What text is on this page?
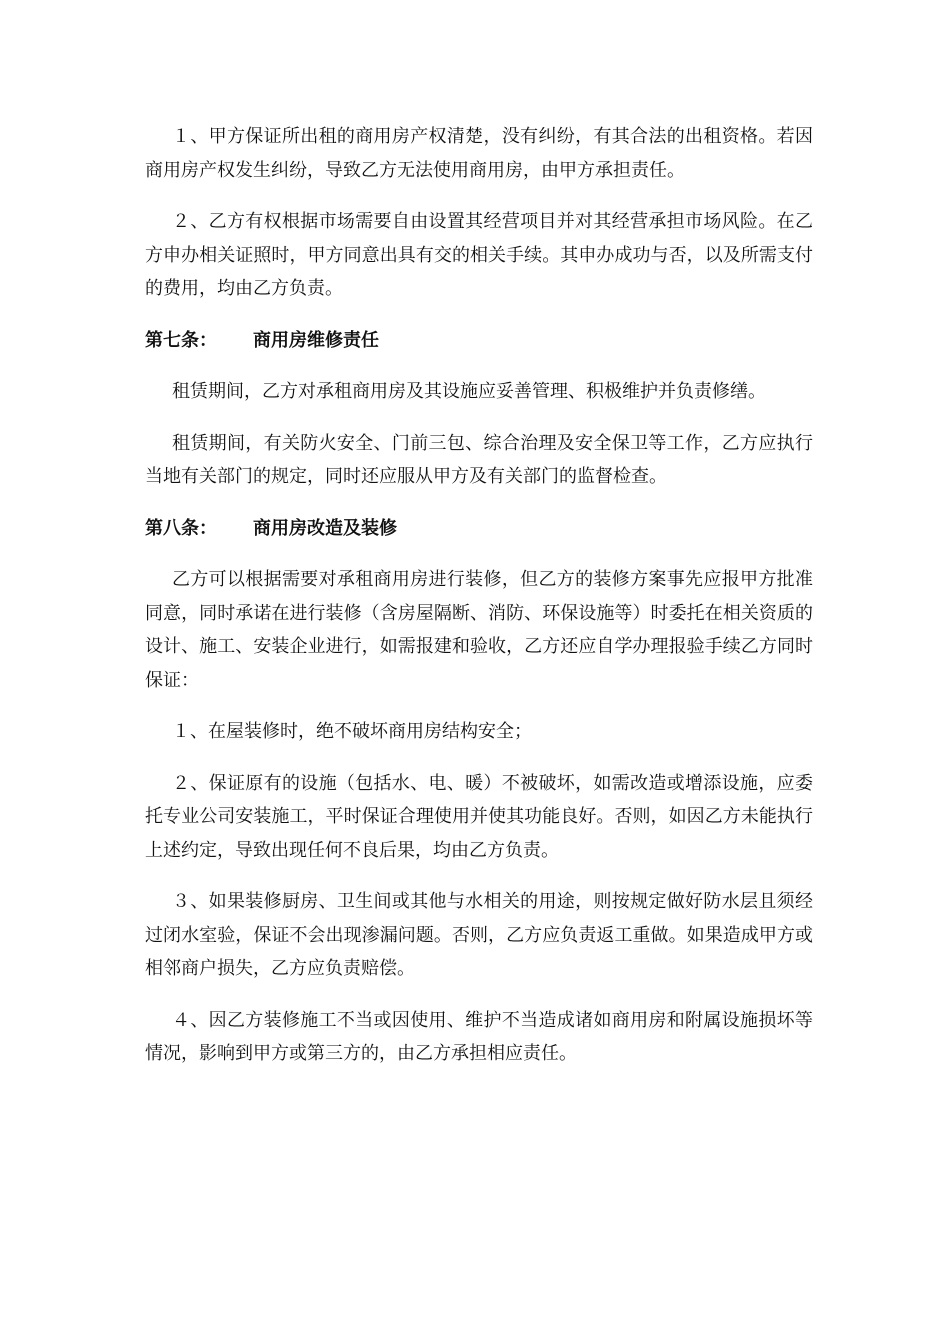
１、甲方保证所出租的商用房产权清楚，没有纠纷，有其合法的出租资格。若因商用房产权发生纠纷，导致乙方无法使用商用房，由甲方承担责任。

２、乙方有权根据市场需要自由设置其经营项目并对其经营承担市场风险。在乙方申办相关证照时，甲方同意出具有交的相关手续。其申办成功与否，以及所需支付的费用，均由乙方负责。

第七条： 商用房维修责任

租赁期间，乙方对承租商用房及其设施应妥善管理、积极维护并负责修缮。

租赁期间，有关防火安全、门前三包、综合治理及安全保卫等工作，乙方应执行当地有关部门的规定，同时还应服从甲方及有关部门的监督检查。

第八条： 商用房改造及装修

乙方可以根据需要对承租商用房进行装修，但乙方的装修方案事先应报甲方批准同意，同时承诺在进行装修（含房屋隔断、消防、环保设施等）时委托在相关资质的设计、施工、安装企业进行，如需报建和验收，乙方还应自学办理报验手续乙方同时保证：

１、在屋装修时，绝不破坏商用房结构安全；

２、保证原有的设施（包括水、电、暖）不被破坏，如需改造或增添设施，应委托专业公司安装施工，平时保证合理使用并使其功能良好。否则，如因乙方未能执行上述约定，导致出现任何不良后果，均由乙方负责。

３、如果装修厨房、卫生间或其他与水相关的用途，则按规定做好防水层且须经过闭水室验，保证不会出现渗漏问题。否则，乙方应负责返工重做。如果造成甲方或相邻商户损失，乙方应负责赔偿。

４、因乙方装修施工不当或因使用、维护不当造成诸如商用房和附属设施损坏等情况，影响到甲方或第三方的，由乙方承担相应责任。
